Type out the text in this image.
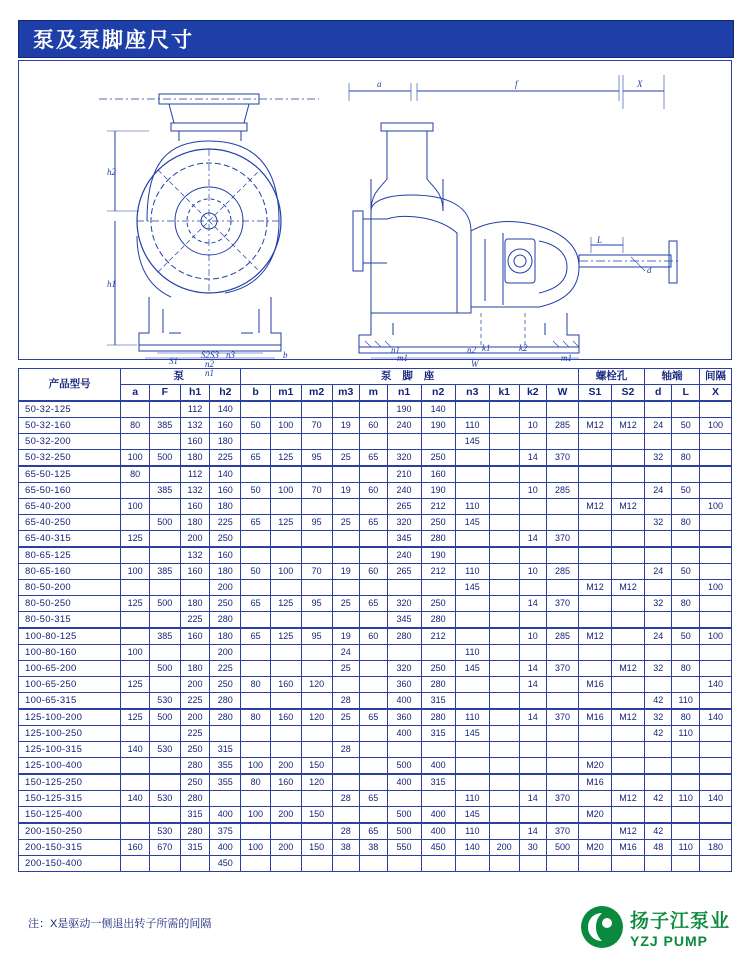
泵及泵脚座尺寸
h2
h1
S1
S2S3 n3
n2
n1
b
a	f	X
L
d
k1	k2
n1	n2
m1	m1
W
产品型号	泵				泵 脚 座											螺栓孔		轴端		间隔
	a	F	h1	h2	b	m1	m2	m3	m	n1	n2	n3	k1	k2	W	S1	S2	d	L	X
50-32-125			112	140						190	140									
50-32-160	80	385	132	160	50	100	70	19	60	240	190	110		10	285	M12	M12	24	50	100
50-32-200			160	180								145								
50-32-250	100	500	180	225	65	125	95	25	65	320	250			14	370			32	80	
65-50-125	80		112	140						210	160									
65-50-160		385	132	160	50	100	70	19	60	240	190			10	285			24	50	
65-40-200	100		160	180						265	212	110				M12	M12			100
65-40-250		500	180	225	65	125	95	25	65	320	250	145						32	80	
65-40-315	125		200	250						345	280			14	370					
80-65-125			132	160						240	190									
80-65-160	100	385	160	180	50	100	70	19	60	265	212	110		10	285			24	50	
80-50-200				200								145				M12	M12			100
80-50-250	125	500	180	250	65	125	95	25	65	320	250			14	370			32	80	
80-50-315			225	280						345	280									
100-80-125		385	160	180	65	125	95	19	60	280	212			10	285	M12		24	50	100
100-80-160	100			200				24				110								
100-65-200		500	180	225				25		320	250	145		14	370		M12	32	80	
100-65-250	125		200	250	80	160	120			360	280			14		M16				140
100-65-315		530	225	280				28		400	315							42	110	
125-100-200	125	500	200	280	80	160	120	25	65	360	280	110		14	370	M16	M12	32	80	140
125-100-250			225							400	315	145						42	110	
125-100-315	140	530	250	315				28												
125-100-400			280	355	100	200	150			500	400					M20				
150-125-250			250	355	80	160	120			400	315					M16				
150-125-315	140	530	280					28	65			110		14	370		M12	42	110	140
150-125-400			315	400	100	200	150			500	400	145				M20				
200-150-250		530	280	375				28	65	500	400	110		14	370		M12	42		
200-150-315	160	670	315	400	100	200	150	38	38	550	450	140	200	30	500	M20	M16	48	110	180
200-150-400				450																
注：X是驱动一侧退出转子所需的间隔	扬子江泵业
YZJ PUMP
